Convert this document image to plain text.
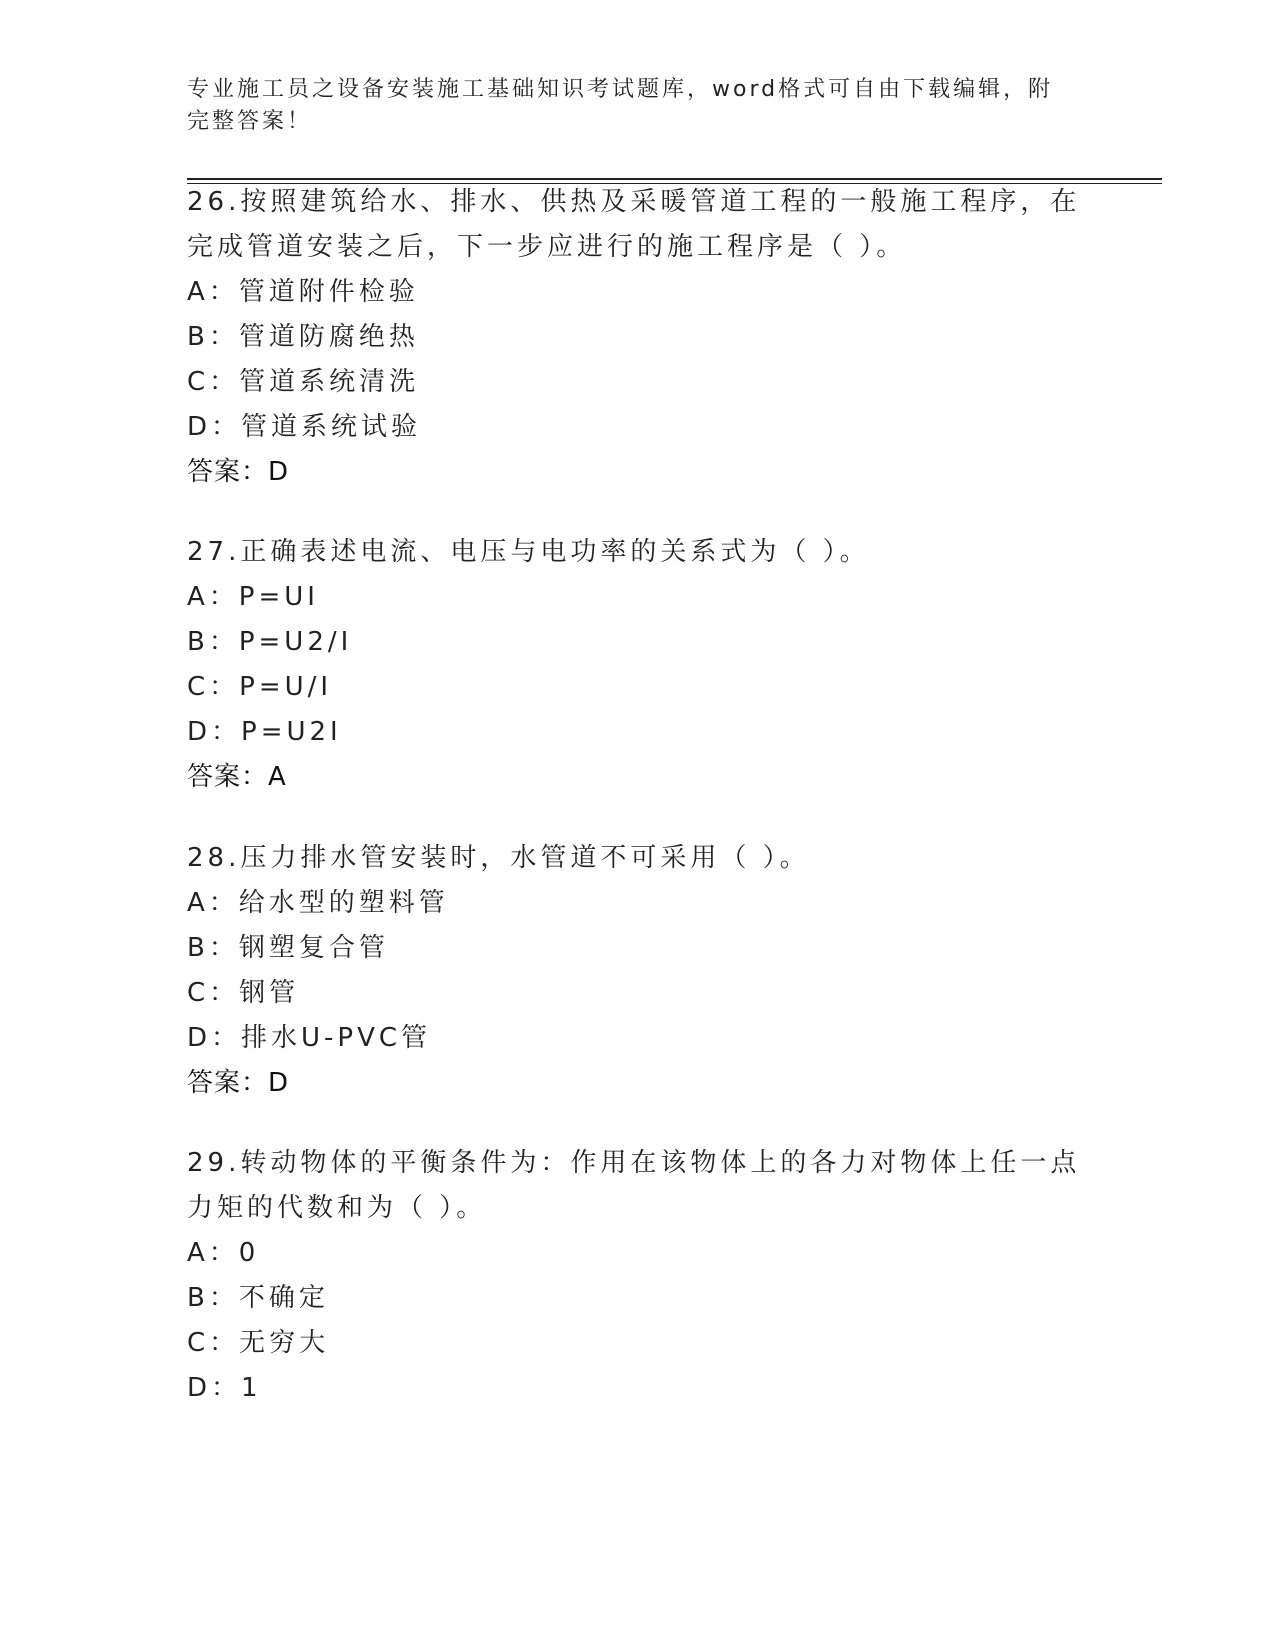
专业施工员之设备安装施工基础知识考试题库，word格式可自由下载编辑，附完整答案！

26.按照建筑给水、排水、供热及采暖管道工程的一般施工程序，在完成管道安装之后，下一步应进行的施工程序是（ ）。

A：管道附件检验

B：管道防腐绝热

C：管道系统清洗

D：管道系统试验

答案：D

27.正确表述电流、电压与电功率的关系式为（ ）。

A：P=UI

B：P=U2/I

C：P=U/I

D：P=U2I

答案：A

28.压力排水管安装时，水管道不可采用（ ）。

A：给水型的塑料管

B：钢塑复合管

C：钢管

D：排水U-PVC管

答案：D

29.转动物体的平衡条件为：作用在该物体上的各力对物体上任一点力矩的代数和为（ ）。

A：0

B：不确定

C：无穷大

D：1
